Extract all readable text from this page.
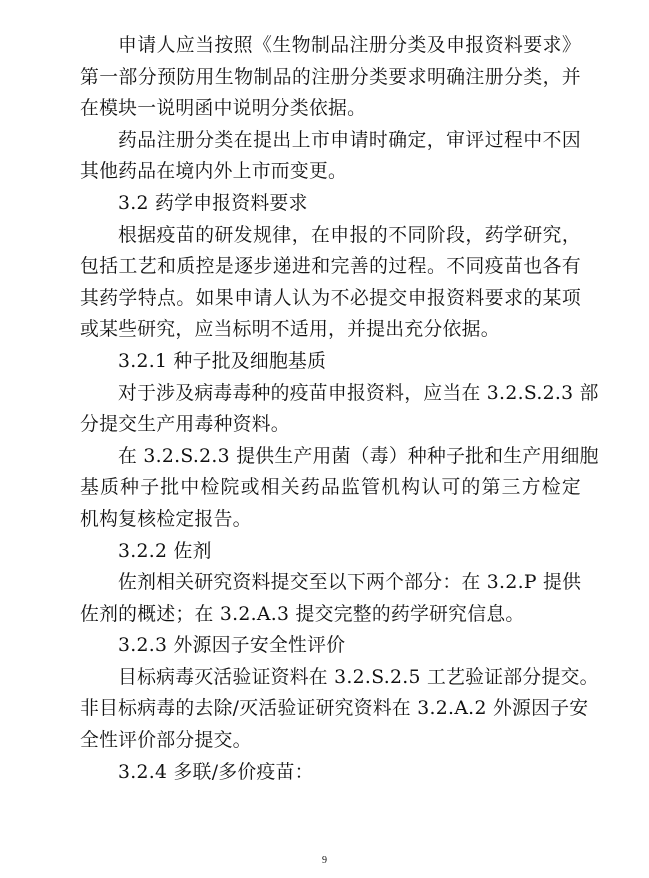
申请人应当按照《生物制品注册分类及申报资料要求》
第一部分预防用生物制品的注册分类要求明确注册分类，并
在模块一说明函中说明分类依据。
药品注册分类在提出上市申请时确定，审评过程中不因
其他药品在境内外上市而变更。
3.2 药学申报资料要求
根据疫苗的研发规律，在申报的不同阶段，药学研究，
包括工艺和质控是逐步递进和完善的过程。不同疫苗也各有
其药学特点。如果申请人认为不必提交申报资料要求的某项
或某些研究，应当标明不适用，并提出充分依据。
3.2.1 种子批及细胞基质
对于涉及病毒毒种的疫苗申报资料，应当在 3.2.S.2.3 部
分提交生产用毒种资料。
在 3.2.S.2.3 提供生产用菌（毒）种种子批和生产用细胞
基质种子批中检院或相关药品监管机构认可的第三方检定
机构复核检定报告。
3.2.2 佐剂
佐剂相关研究资料提交至以下两个部分：在 3.2.P 提供
佐剂的概述；在 3.2.A.3 提交完整的药学研究信息。
3.2.3 外源因子安全性评价
目标病毒灭活验证资料在 3.2.S.2.5 工艺验证部分提交。
非目标病毒的去除/灭活验证研究资料在 3.2.A.2 外源因子安
全性评价部分提交。
3.2.4 多联/多价疫苗：
9
